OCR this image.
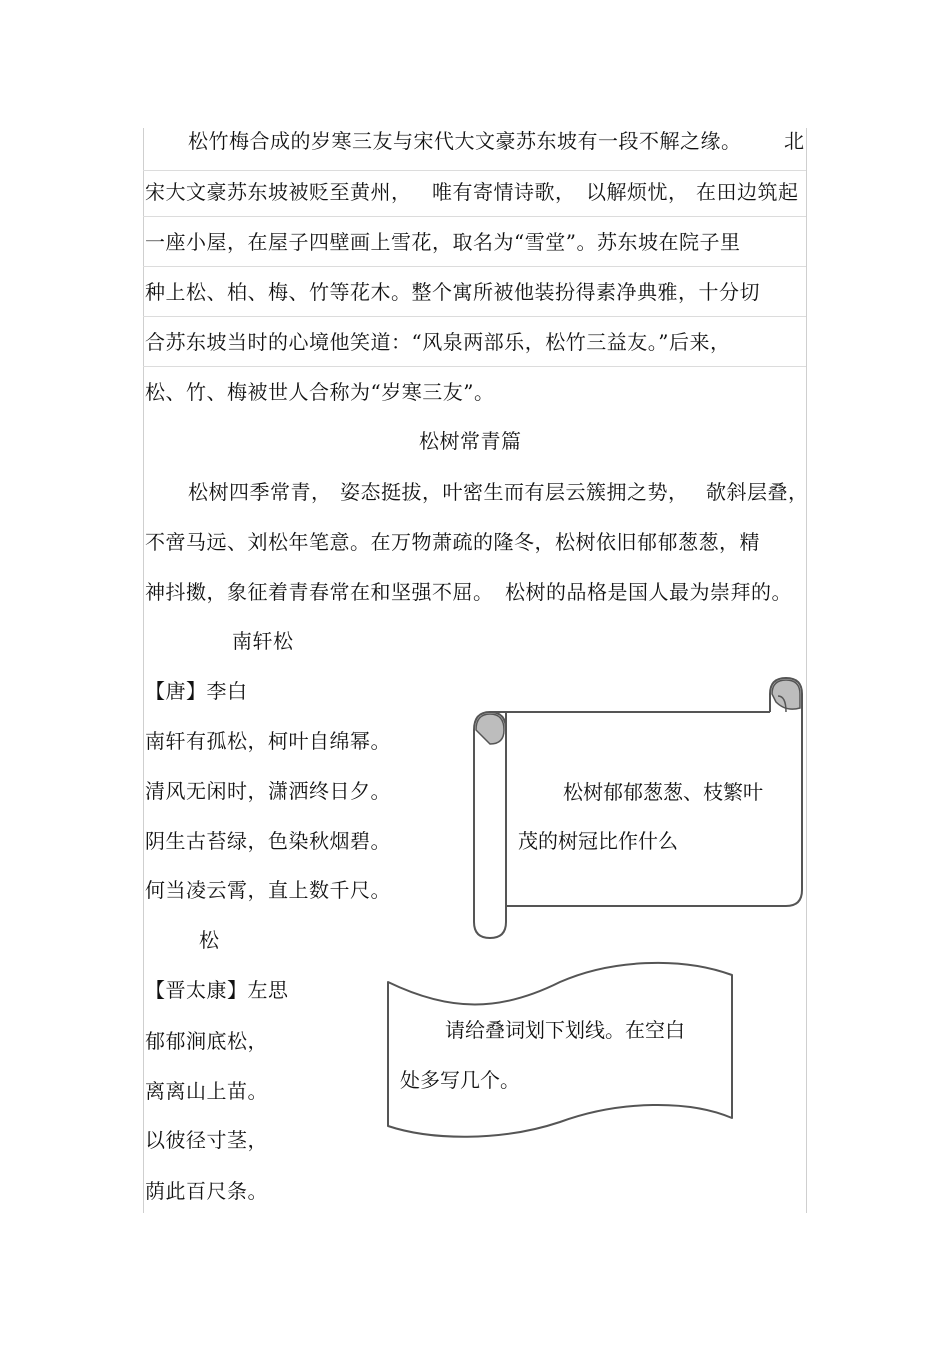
松竹梅合成的岁寒三友与宋代大文豪苏东坡有一段不解之缘。 北
宋大文豪苏东坡被贬至黄州， 唯有寄情诗歌， 以解烦忧， 在田边筑起
一座小屋，在屋子四壁画上雪花，取名为“雪堂”。苏东坡在院子里
种上松、柏、梅、竹等花木。整个寓所被他装扮得素净典雅，十分切
合苏东坡当时的心境他笑道：“风泉两部乐，松竹三益友。”后来，
松、竹、梅被世人合称为“岁寒三友”。
松树常青篇
松树四季常青， 姿态挺拔，叶密生而有层云簇拥之势， 欹斜层叠，
不啻马远、刘松年笔意。在万物萧疏的隆冬，松树依旧郁郁葱葱，精
神抖擞，象征着青春常在和坚强不屈。 松树的品格是国人最为崇拜的。
南轩松
【唐】李白
南轩有孤松，柯叶自绵幂。
清风无闲时，潇洒终日夕。
阴生古苔绿，色染秋烟碧。
何当凌云霄，直上数千尺。
松
【晋太康】左思
郁郁涧底松，
离离山上苗。
以彼径寸茎，
荫此百尺条。
松树郁郁葱葱、枝繁叶
茂的树冠比作什么
请给叠词划下划线。在空白
处多写几个。
